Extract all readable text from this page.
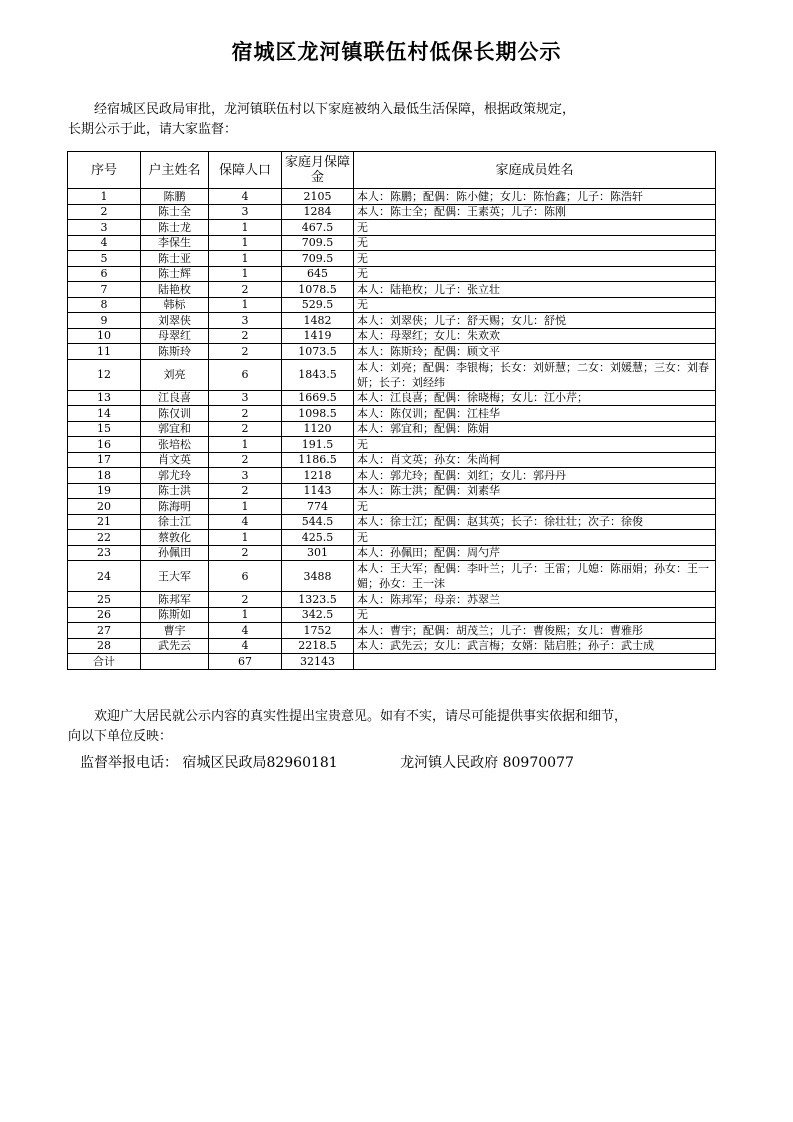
宿城区龙河镇联伍村低保长期公示

经宿城区民政局审批，龙河镇联伍村以下家庭被纳入最低生活保障，根据政策规定，

长期公示于此，请大家监督：

序号	户主姓名	保障人口	家庭月保障　金	家庭成员姓名
1	陈鹏	4	2105	本人：陈鹏；配偶：陈小健；女儿：陈怡鑫；儿子：陈浩轩
2	陈士全	3	1284	本人：陈士全；配偶：王素英；儿子：陈刚
3	陈士龙	1	467.5	无
4	李保生	1	709.5	无
5	陈士亚	1	709.5	无
6	陈士辉	1	645	无
7	陆艳枚	2	1078.5	本人：陆艳枚；儿子：张立壮
8	韩标	1	529.5	无
9	刘翠侠	3	1482	本人：刘翠侠；儿子：舒天赐；女儿：舒悦
10	母翠红	2	1419	本人：母翠红；女儿：朱欢欢
11	陈斯玲	2	1073.5	本人：陈斯玲；配偶：顾文平
12	刘亮	6	1843.5	本人：刘亮；配偶：李银梅；长女：刘妍慧；二女：刘媛慧；三女：刘春妍；长子：刘经纬
13	江良喜	3	1669.5	本人：江良喜；配偶：徐晓梅；女儿：江小芹；
14	陈仅训	2	1098.5	本人：陈仅训；配偶：江桂华
15	郭宜和	2	1120	本人：郭宜和；配偶：陈娟
16	张培松	1	191.5	无
17	肖文英	2	1186.5	本人：肖文英；孙女：朱尚柯
18	郭尤玲	3	1218	本人：郭尤玲；配偶：刘红；女儿：郭丹丹
19	陈士洪	2	1143	本人：陈士洪；配偶：刘素华
20	陈海明	1	774	无
21	徐士江	4	544.5	本人：徐士江；配偶：赵其英；长子：徐壮壮；次子：徐俊
22	蔡敦化	1	425.5	无
23	孙佩田	2	301	本人：孙佩田；配偶：周勺芹
24	王大军	6	3488	本人：王大军；配偶：李叶兰；儿子：王雷；儿媳：陈丽娟；孙女：王一媚；孙女：王一沫
25	陈邦军	2	1323.5	本人：陈邦军；母亲：苏翠兰
26	陈斯如	1	342.5	无
27	曹宇	4	1752	本人：曹宇；配偶：胡茂兰；儿子：曹俊熙；女儿：曹雅彤
28	武先云	4	2218.5	本人：武先云；女儿：武言梅；女婿：陆启胜；孙子：武士成
合计		67	32143	

欢迎广大居民就公示内容的真实性提出宝贵意见。如有不实，请尽可能提供事实依据和细节，

向以下单位反映：

监督举报电话： 宿城区民政局82960181	龙河镇人民政府 80970077
